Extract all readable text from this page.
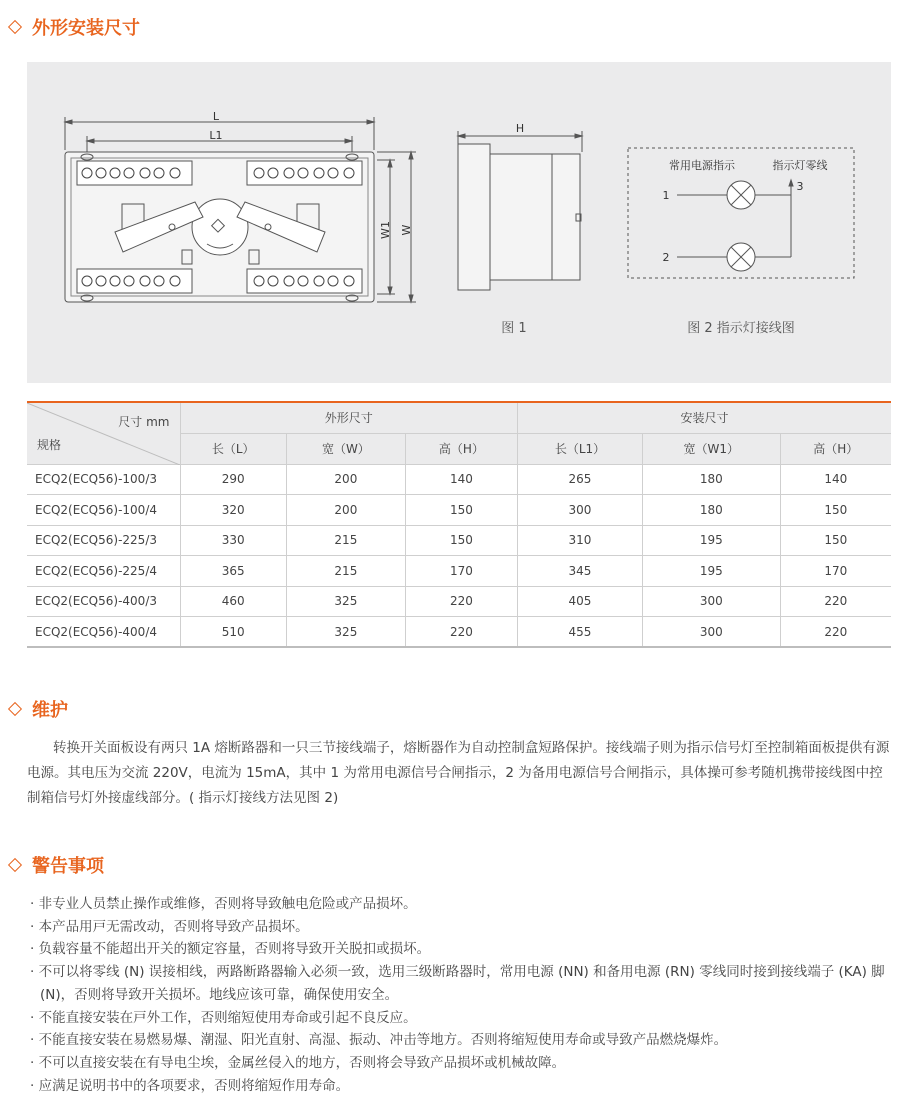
外形安装尺寸
L
L1
W1 W
H
图 1
常用电源指示	指示灯零线
1
2
3
图 2 指示灯接线图
尺寸 mm
规格	外形尺寸			安装尺寸		
	长（L）	宽（W）	高（H）	长（L1）	宽（W1）	高（H）
ECQ2(ECQ56)-100/3	290	200	140	265	180	140
ECQ2(ECQ56)-100/4	320	200	150	300	180	150
ECQ2(ECQ56)-225/3	330	215	150	310	195	150
ECQ2(ECQ56)-225/4	365	215	170	345	195	170
ECQ2(ECQ56)-400/3	460	325	220	405	300	220
ECQ2(ECQ56)-400/4	510	325	220	455	300	220
维护

转换开关面板设有两只 1A 熔断路器和一只三节接线端子，熔断器作为自动控制盒短路保护。接线端子则为指示信号灯至控制箱面板提供有源电源。其电压为交流 220V，电流为 15mA，其中 1 为常用电源信号合闸指示，2 为备用电源信号合闸指示，具体操可参考随机携带接线图中控制箱信号灯外接虚线部分。( 指示灯接线方法见图 2)

警告事项
· 非专业人员禁止操作或维修，否则将导致触电危险或产品损坏。
· 本产品用戸无需改动，否则将导致产品损坏。
· 负载容量不能超出开关的额定容量，否则将导致开关脱扣或损坏。
· 不可以将零线 (N) 误接相线，两路断路器输入必须一致，选用三级断路器时，常用电源 (NN) 和备用电源 (RN) 零线同时接到接线端子 (KA) 脚 (N)，否则将导致开关损坏。地线应该可靠，确保使用安全。
· 不能直接安装在戸外工作，否则缩短使用寿命或引起不良反应。
· 不能直接安装在易燃易爆、潮湿、阳光直射、高湿、振动、冲击等地方。否则将缩短使用寿命或导致产品燃烧爆炸。
· 不可以直接安装在有导电尘埃，金属丝侵入的地方，否则将会导致产品损坏或机械故障。
· 应满足说明书中的各项要求，否则将缩短作用寿命。
